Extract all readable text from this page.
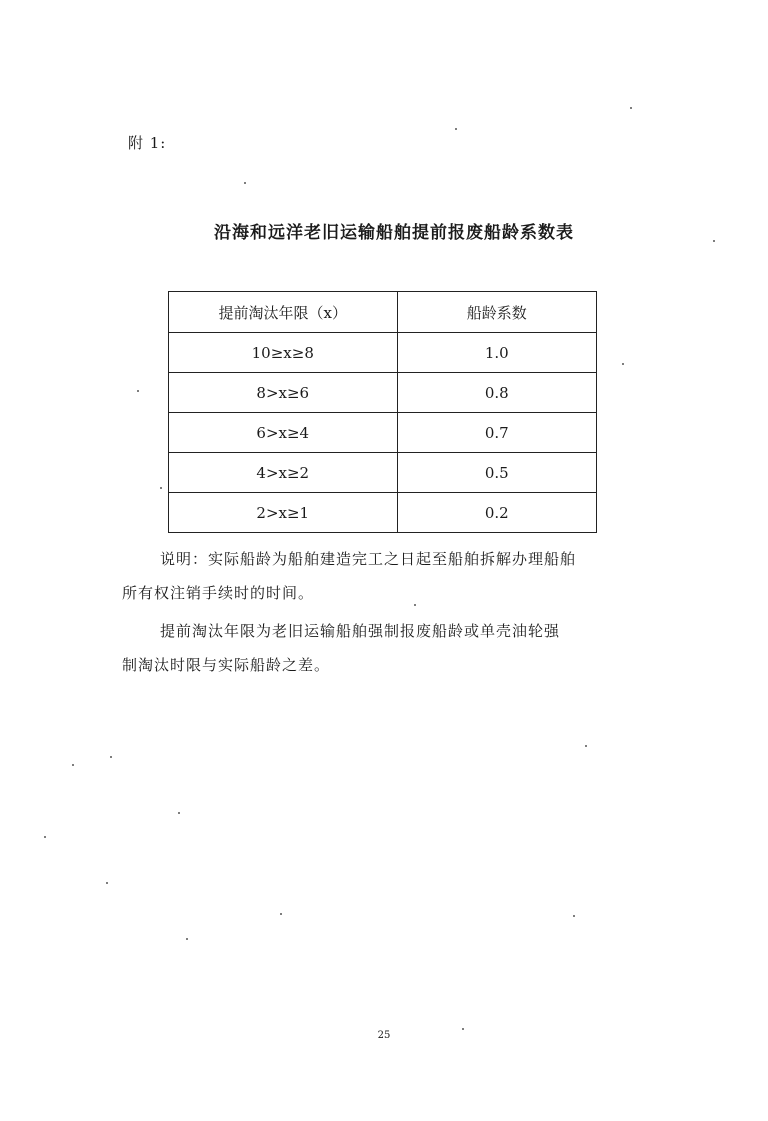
附 1:
沿海和远洋老旧运输船舶提前报废船龄系数表
提前淘汰年限（x）	船龄系数
10≥x≥8	1.0
8>x≥6	0.8
6>x≥4	0.7
4>x≥2	0.5
2>x≥1	0.2
说明：实际船龄为船舶建造完工之日起至船舶拆解办理船舶
所有权注销手续时的时间。
提前淘汰年限为老旧运输船舶强制报废船龄或单壳油轮强
制淘汰时限与实际船龄之差。
25
